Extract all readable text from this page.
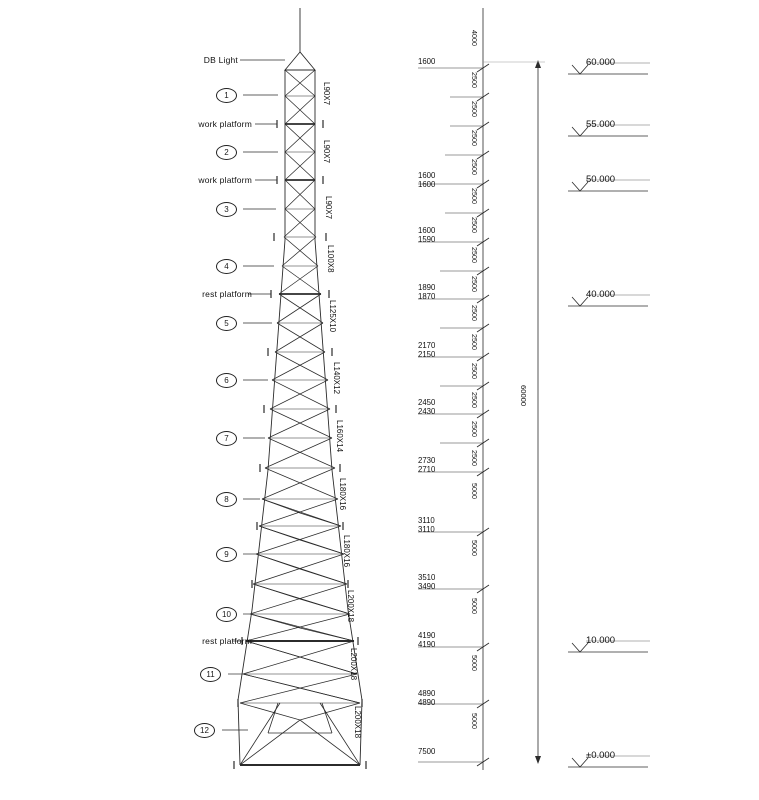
DB Light
work platform
work platform
rest platform
rest platform
1
2
3
4
5
6
7
8
9
10
11
12
L90X7
L90X7
L90X7
L100X8
L125X10
L140X12
L160X14
L180X16
L180X16
L200X18
L200X18
L200X18
1600
1600
1600
1600
1590
1890
1870
2170
2150
2450
2430
2730
2710
3110
3110
3510
3490
4190
4190
4890
4890
7500
4000
2500
2500
2500
2500
2500
2500
2500
2500
2500
2500
2500
2500
2500
2500
5000
5000
5000
5000
5000
60.000
55.000
50.000
40.000
10.000
±0.000
60000
